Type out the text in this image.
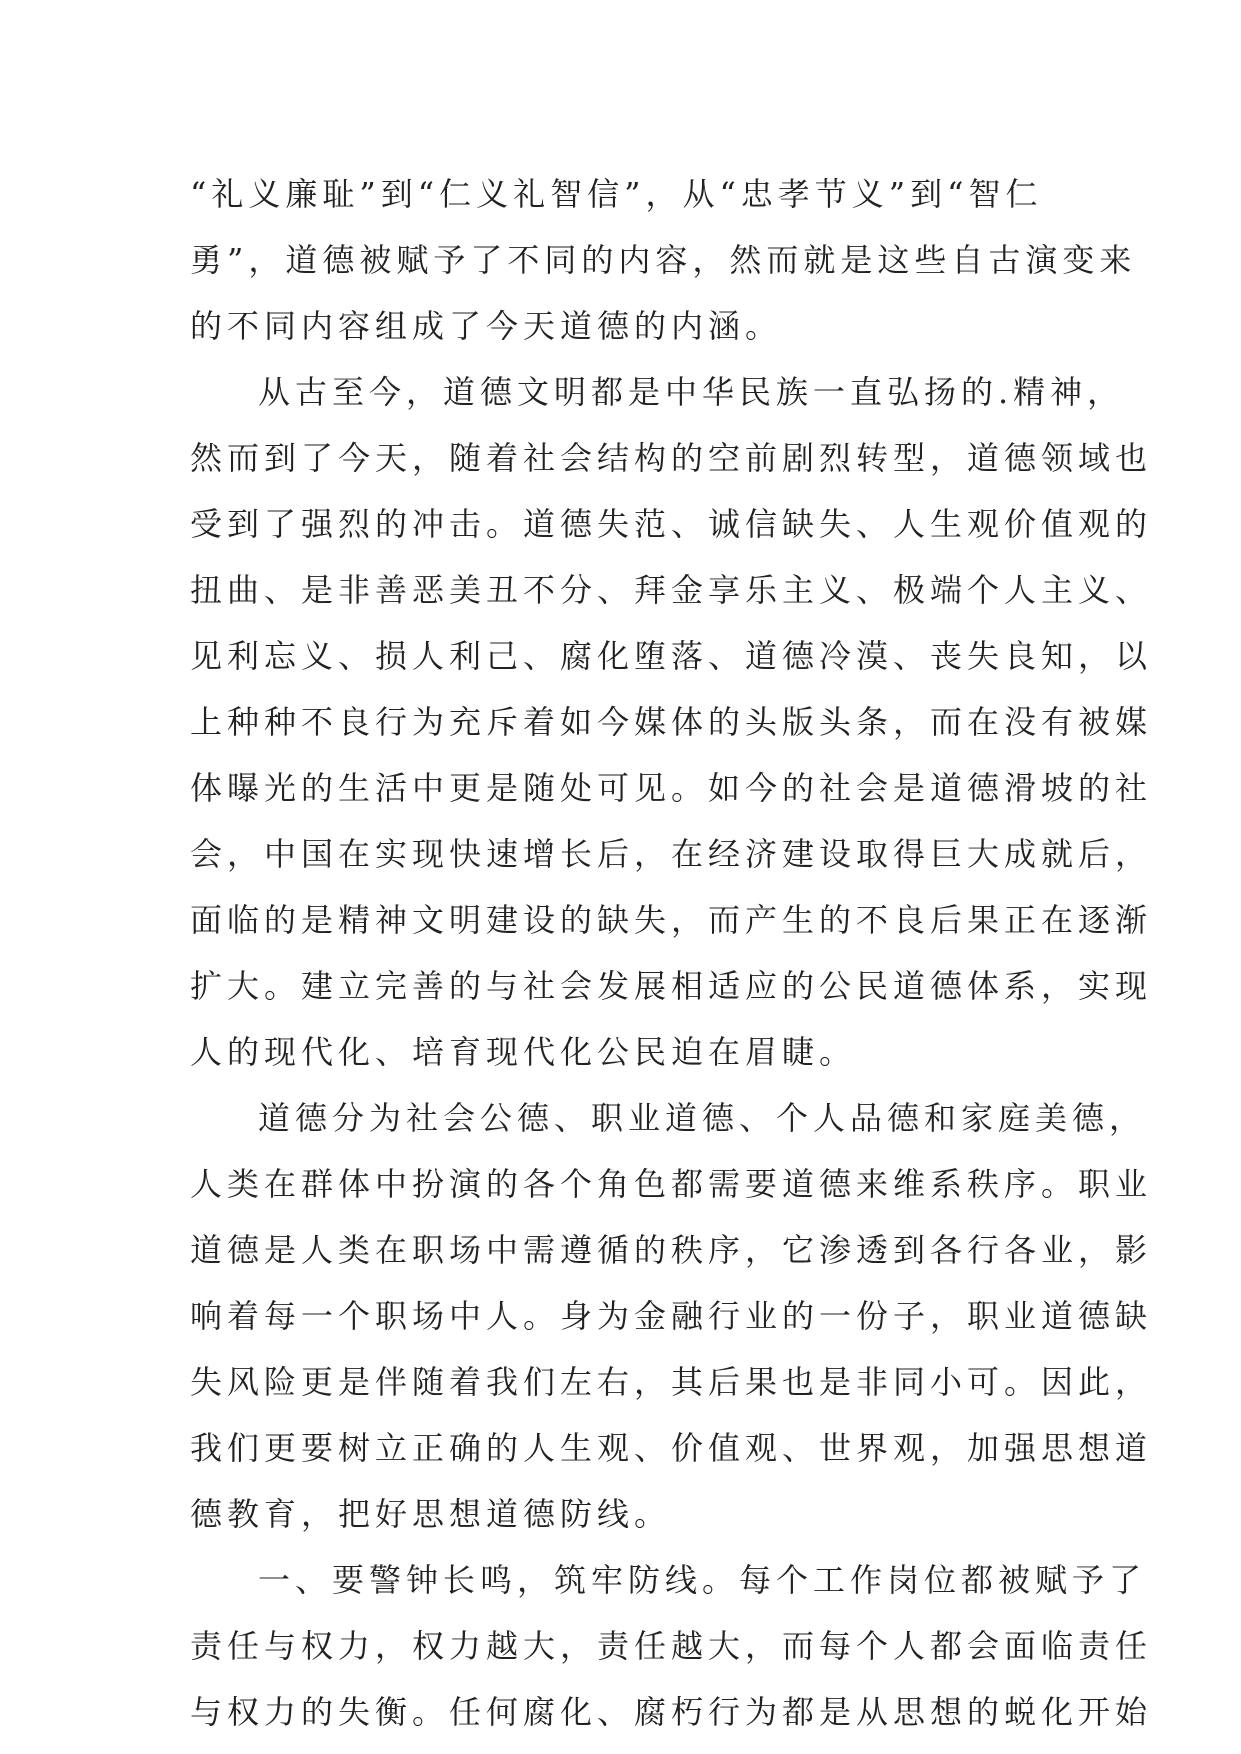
“礼义廉耻”到“仁义礼智信”，从“忠孝节义”到“智仁
勇”，道德被赋予了不同的内容，然而就是这些自古演变来
的不同内容组成了今天道德的内涵。
从古至今，道德文明都是中华民族一直弘扬的.精神，
然而到了今天，随着社会结构的空前剧烈转型，道德领域也
受到了强烈的冲击。道德失范、诚信缺失、人生观价值观的
扭曲、是非善恶美丑不分、拜金享乐主义、极端个人主义、
见利忘义、损人利己、腐化堕落、道德冷漠、丧失良知，以
上种种不良行为充斥着如今媒体的头版头条，而在没有被媒
体曝光的生活中更是随处可见。如今的社会是道德滑坡的社
会，中国在实现快速增长后，在经济建设取得巨大成就后，
面临的是精神文明建设的缺失，而产生的不良后果正在逐渐
扩大。建立完善的与社会发展相适应的公民道德体系，实现
人的现代化、培育现代化公民迫在眉睫。
道德分为社会公德、职业道德、个人品德和家庭美德，
人类在群体中扮演的各个角色都需要道德来维系秩序。职业
道德是人类在职场中需遵循的秩序，它渗透到各行各业，影
响着每一个职场中人。身为金融行业的一份子，职业道德缺
失风险更是伴随着我们左右，其后果也是非同小可。因此，
我们更要树立正确的人生观、价值观、世界观，加强思想道
德教育，把好思想道德防线。
一、要警钟长鸣，筑牢防线。每个工作岗位都被赋予了
责任与权力，权力越大，责任越大，而每个人都会面临责任
与权力的失衡。任何腐化、腐朽行为都是从思想的蜕化开始
